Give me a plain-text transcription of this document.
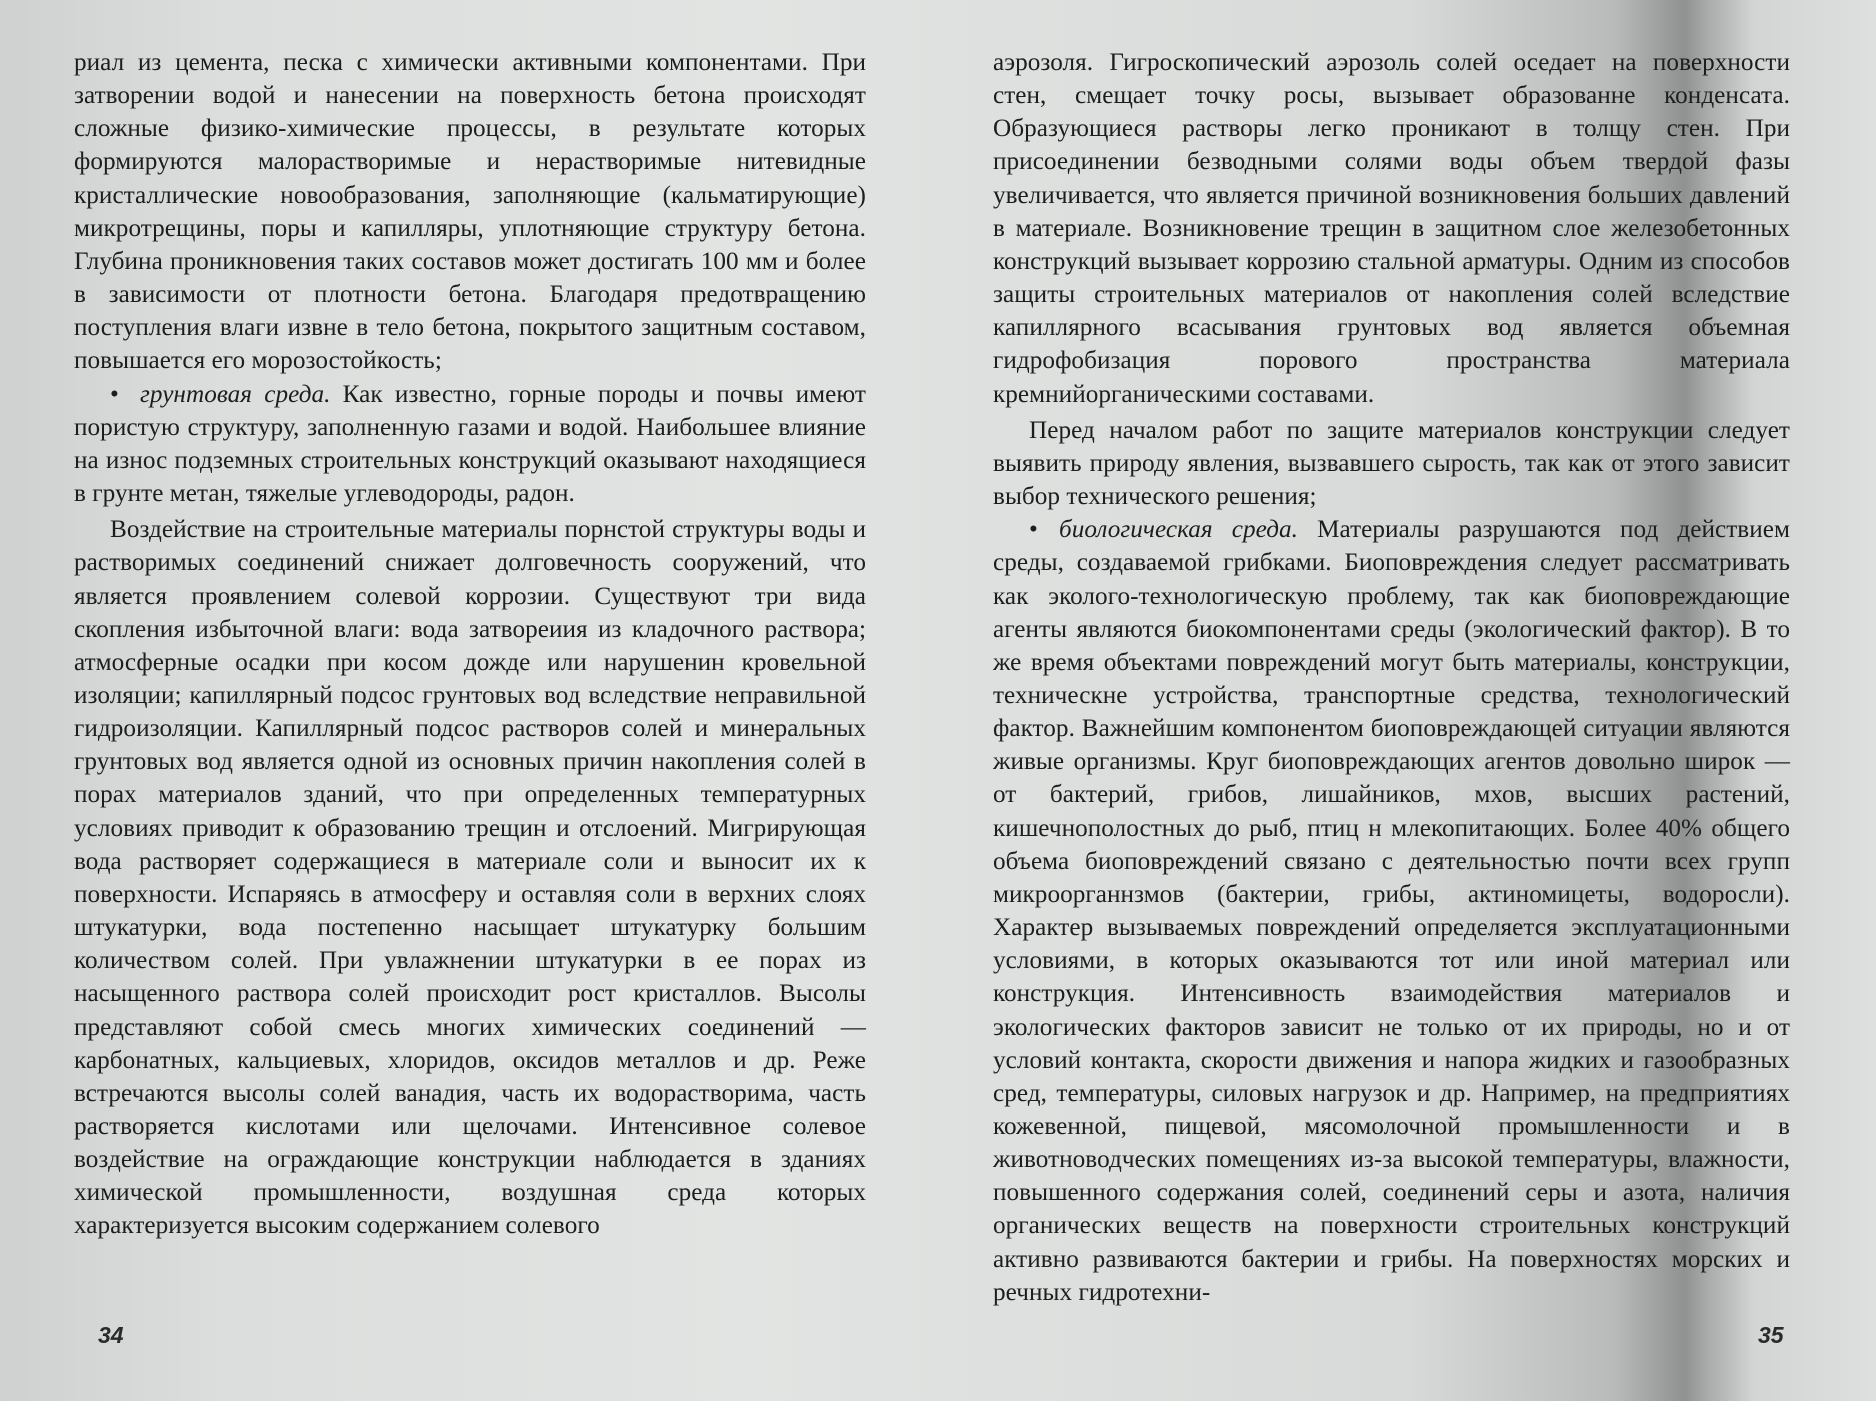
риал из цемента, песка с химически активными компонентами. При затворении водой и нанесении на поверхность бетона происходят сложные физико-химические процессы, в результате которых формируются малорастворимые и нерастворимые нитевидные кристаллические новообразования, заполняющие (кальматирующие) микротрещины, поры и капилляры, уплотняющие структуру бетона. Глубина проникновения таких составов может достигать 100 мм и более в зависимости от плотности бетона. Благодаря предотвращению поступления влаги извне в тело бетона, покрытого защитным составом, повышается его морозостойкость;

• грунтовая среда. Как известно, горные породы и почвы имеют пористую структуру, заполненную газами и водой. Наибольшее влияние на износ подземных строительных конструкций оказывают находящиеся в грунте метан, тяжелые углеводороды, радон.

Воздействие на строительные материалы порнстой структуры воды и растворимых соединений снижает долговечность сооружений, что является проявлением солевой коррозии. Существуют три вида скопления избыточной влаги: вода затвореиия из кладочного раствора; атмосферные осадки при косом дожде или нарушенин кровельной изоляции; капиллярный подсос грунтовых вод вследствие неправильной гидроизоляции. Капиллярный подсос растворов солей и минеральных грунтовых вод является одной из основных причин накопления солей в порах материалов зданий, что при определенных температурных условиях приводит к образованию трещин и отслоений. Мигрирующая вода растворяет содержащиеся в материале соли и выносит их к поверхности. Испаряясь в атмосферу и оставляя соли в верхних слоях штукатурки, вода постепенно насыщает штукатурку большим количеством солей. При увлажнении штукатурки в ее порах из насыщенного раствора солей происходит рост кристаллов. Высолы представляют собой смесь многих химических соединений — карбонатных, кальциевых, хлоридов, оксидов металлов и др. Реже встречаются высолы солей ванадия, часть их водорастворима, часть растворяется кислотами или щелочами. Интенсивное солевое воздействие на ограждающие конструкции наблюдается в зданиях химической промышленности, воздушная среда которых характеризуется высоким содержанием солевого

34

аэрозоля. Гигроскопический аэрозоль солей оседает на поверхности стен, смещает точку росы, вызывает образованне конденсата. Образующиеся растворы легко проникают в толщу стен. При присоединении безводными солями воды объем твердой фазы увеличивается, что является причиной возникновения больших давлений в материале. Возникновение трещин в защитном слое железобетонных конструкций вызывает коррозию стальной арматуры. Одним из способов защиты строительных материалов от накопления солей вследствие капиллярного всасывания грунтовых вод является объемная гидрофобизация порового пространства материала кремнийорганическими составами.

Перед началом работ по защите материалов конструкции следует выявить природу явления, вызвавшего сырость, так как от этого зависит выбор технического решения;

• биологическая среда. Материалы разрушаются под действием среды, создаваемой грибками. Биоповреждения следует рассматривать как эколого-технологическую проблему, так как биоповреждающие агенты являются биокомпонентами среды (экологический фактор). В то же время объектами повреждений могут быть материалы, конструкции, техническне устройства, транспортные средства, технологический фактор. Важнейшим компонентом биоповреждающей ситуации являются живые организмы. Круг биоповреждающих агентов довольно широк — от бактерий, грибов, лишайников, мхов, высших растений, кишечнополостных до рыб, птиц н млекопитающих. Более 40% общего объема биоповреждений связано с деятельностью почти всех групп микроорганнзмов (бактерии, грибы, актиномицеты, водоросли). Характер вызываемых повреждений определяется эксплуатационными условиями, в которых оказываются тот или иной материал или конструкция. Интенсивность взаимодействия материалов и экологических факторов зависит не только от их природы, но и от условий контакта, скорости движения и напора жидких и газообразных сред, температуры, силовых нагрузок и др. Например, на предприятиях кожевенной, пищевой, мясомолочной промышленности и в животноводческих помещениях из-за высокой температуры, влажности, повышенного содержания солей, соединений серы и азота, наличия органических веществ на поверхности строительных конструкций активно развиваются бактерии и грибы. На поверхностях морских и речных гидротехни-

35
